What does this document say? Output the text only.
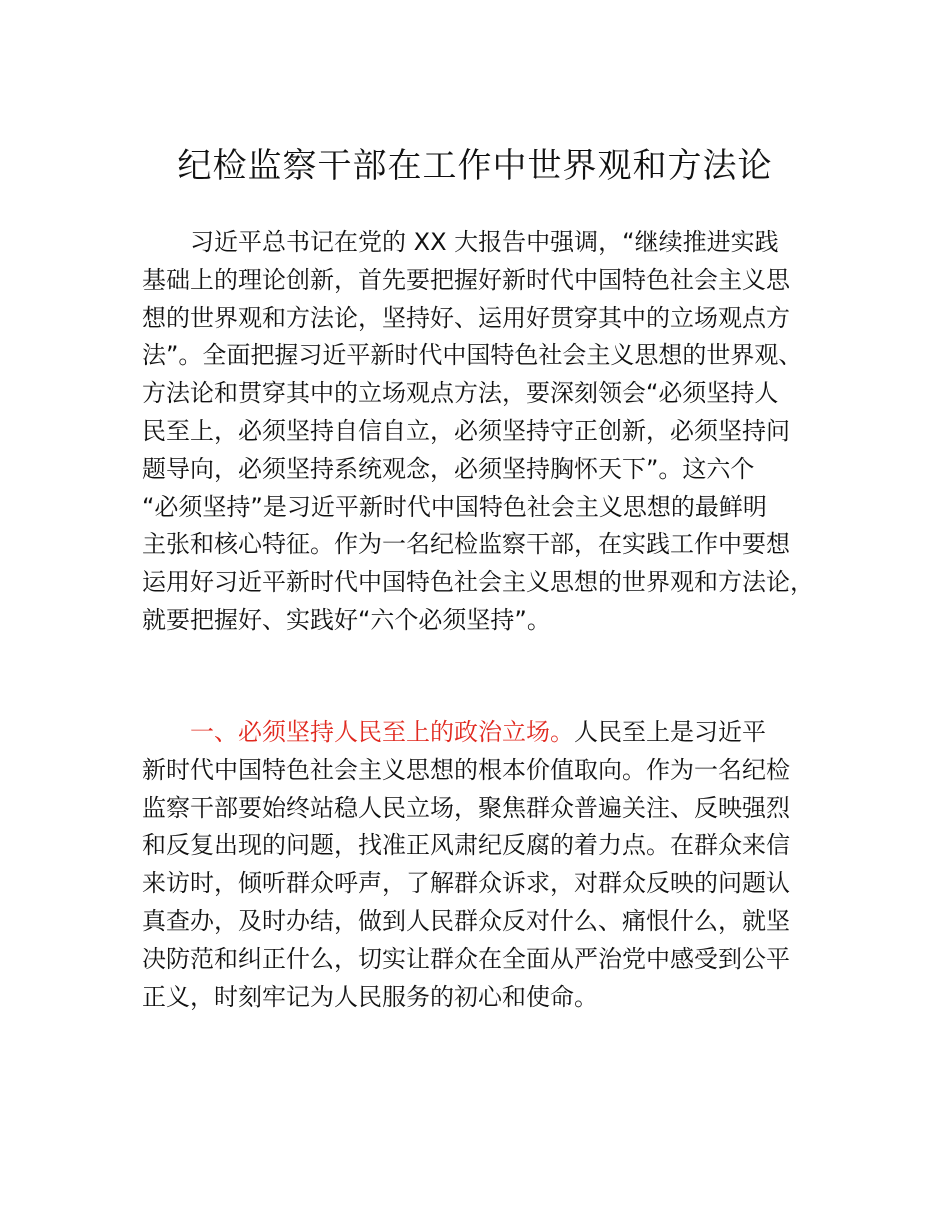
纪检监察干部在工作中世界观和方法论
习近平总书记在党的 XX 大报告中强调，“继续推进实践
基础上的理论创新，首先要把握好新时代中国特色社会主义思
想的世界观和方法论，坚持好、运用好贯穿其中的立场观点方
法”。全面把握习近平新时代中国特色社会主义思想的世界观、
方法论和贯穿其中的立场观点方法，要深刻领会“必须坚持人
民至上，必须坚持自信自立，必须坚持守正创新，必须坚持问
题导向，必须坚持系统观念，必须坚持胸怀天下”。这六个
“必须坚持”是习近平新时代中国特色社会主义思想的最鲜明
主张和核心特征。作为一名纪检监察干部，在实践工作中要想
运用好习近平新时代中国特色社会主义思想的世界观和方法论，
就要把握好、实践好“六个必须坚持”。
一、必须坚持人民至上的政治立场。人民至上是习近平
新时代中国特色社会主义思想的根本价值取向。作为一名纪检
监察干部要始终站稳人民立场，聚焦群众普遍关注、反映强烈
和反复出现的问题，找准正风肃纪反腐的着力点。在群众来信
来访时，倾听群众呼声，了解群众诉求，对群众反映的问题认
真查办，及时办结，做到人民群众反对什么、痛恨什么，就坚
决防范和纠正什么，切实让群众在全面从严治党中感受到公平
正义，时刻牢记为人民服务的初心和使命。
